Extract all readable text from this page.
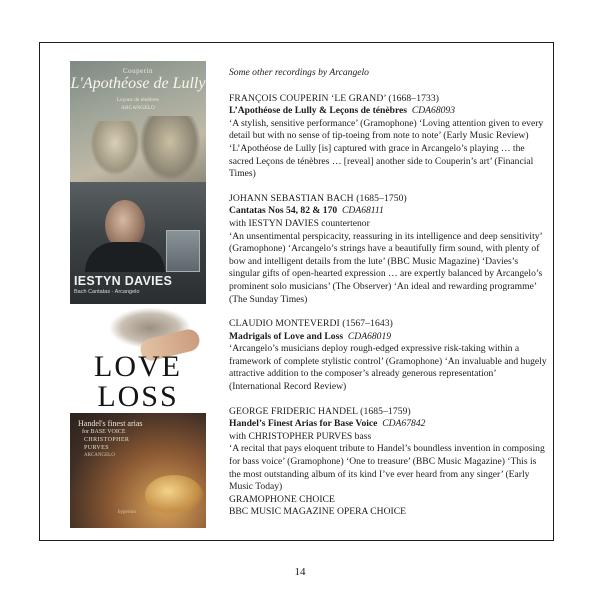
Couperin
L'Apothéose de Lully
Leçons de ténèbres
ARCANGELO
IESTYN DAVIES
Bach Cantatas · Arcangelo
LOVE
LOSS
Handel's finest arias
for BASE VOICE
CHRISTOPHER
PURVES
ARCANGELO
hyperion

Some other recordings by Arcangelo

FRANÇOIS COUPERIN ‘LE GRAND’ (1668–1733)

L’Apothéose de Lully & Leçons de ténèbres CDA68093

‘A stylish, sensitive performance’ (Gramophone) ‘Loving attention given to every detail but with no sense of tip-toeing from note to note’ (Early Music Review) ‘L’Apothéose de Lully [is] captured with grace in Arcangelo’s playing … the sacred Leçons de ténèbres … [reveal] another side to Couperin’s art’ (Financial Times)

JOHANN SEBASTIAN BACH (1685–1750)

Cantatas Nos 54, 82 & 170 CDA68111

with IESTYN DAVIES countertenor

‘An unsentimental perspicacity, reassuring in its intelligence and deep sensitivity’ (Gramophone) ‘Arcangelo’s strings have a beautifully firm sound, with plenty of bow and intelligent details from the lute’ (BBC Music Magazine) ‘Davies’s singular gifts of open-hearted expression … are expertly balanced by Arcangelo’s prominent solo musicians’ (The Observer) ‘An ideal and rewarding programme’ (The Sunday Times)

CLAUDIO MONTEVERDI (1567–1643)

Madrigals of Love and Loss CDA68019

‘Arcangelo’s musicians deploy rough-edged expressive risk-taking within a framework of complete stylistic control’ (Gramophone) ‘An invaluable and hugely attractive addition to the composer’s already generous representation’ (International Record Review)

GEORGE FRIDERIC HANDEL (1685–1759)

Handel’s Finest Arias for Base Voice CDA67842

with CHRISTOPHER PURVES bass

‘A recital that pays eloquent tribute to Handel’s boundless invention in composing for bass voice’ (Gramophone) ‘One to treasure’ (BBC Music Magazine) ‘This is the most outstanding album of its kind I’ve ever heard from any singer’ (Early Music Today)

GRAMOPHONE CHOICE

BBC MUSIC MAGAZINE OPERA CHOICE

14
